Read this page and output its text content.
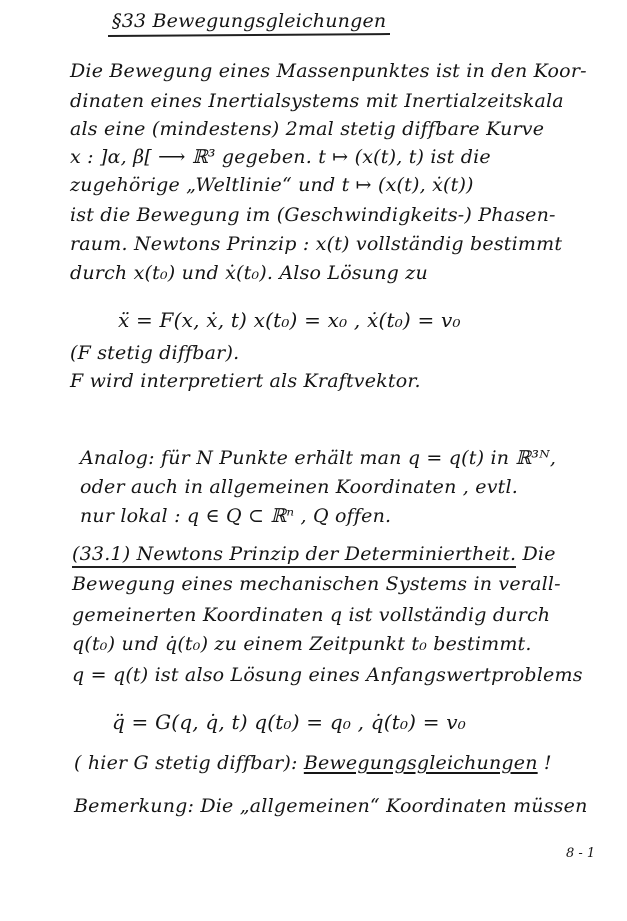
§33 Bewegungsgleichungen
Die Bewegung eines Massenpunktes ist in den Koor-
dinaten eines Inertialsystems mit Inertialzeitskala
als eine (mindestens) 2mal stetig diffbare Kurve
x : ]α, β[ ⟶ ℝ³ gegeben. t ↦ (x(t), t) ist die
zugehörige „Weltlinie“ und t ↦ (x(t), ẋ(t))
ist die Bewegung im (Geschwindigkeits-) Phasen-
raum. Newtons Prinzip : x(t) vollständig bestimmt
durch x(t₀) und ẋ(t₀). Also Lösung zu
ẍ = F(x, ẋ, t) x(t₀) = x₀ , ẋ(t₀) = v₀
(F stetig diffbar).
F wird interpretiert als Kraftvektor.
Analog: für N Punkte erhält man q = q(t) in ℝ³ᴺ,
oder auch in allgemeinen Koordinaten , evtl.
nur lokal : q ∈ Q ⊂ ℝⁿ , Q offen.
(33.1) Newtons Prinzip der Determiniertheit. Die
Bewegung eines mechanischen Systems in verall-
gemeinerten Koordinaten q ist vollständig durch
q(t₀) und q̇(t₀) zu einem Zeitpunkt t₀ bestimmt.
q = q(t) ist also Lösung eines Anfangswertproblems
q̈ = G(q, q̇, t) q(t₀) = q₀ , q̇(t₀) = v₀
( hier G stetig diffbar): Bewegungsgleichungen !
Bemerkung: Die „allgemeinen“ Koordinaten müssen
8 - 1
